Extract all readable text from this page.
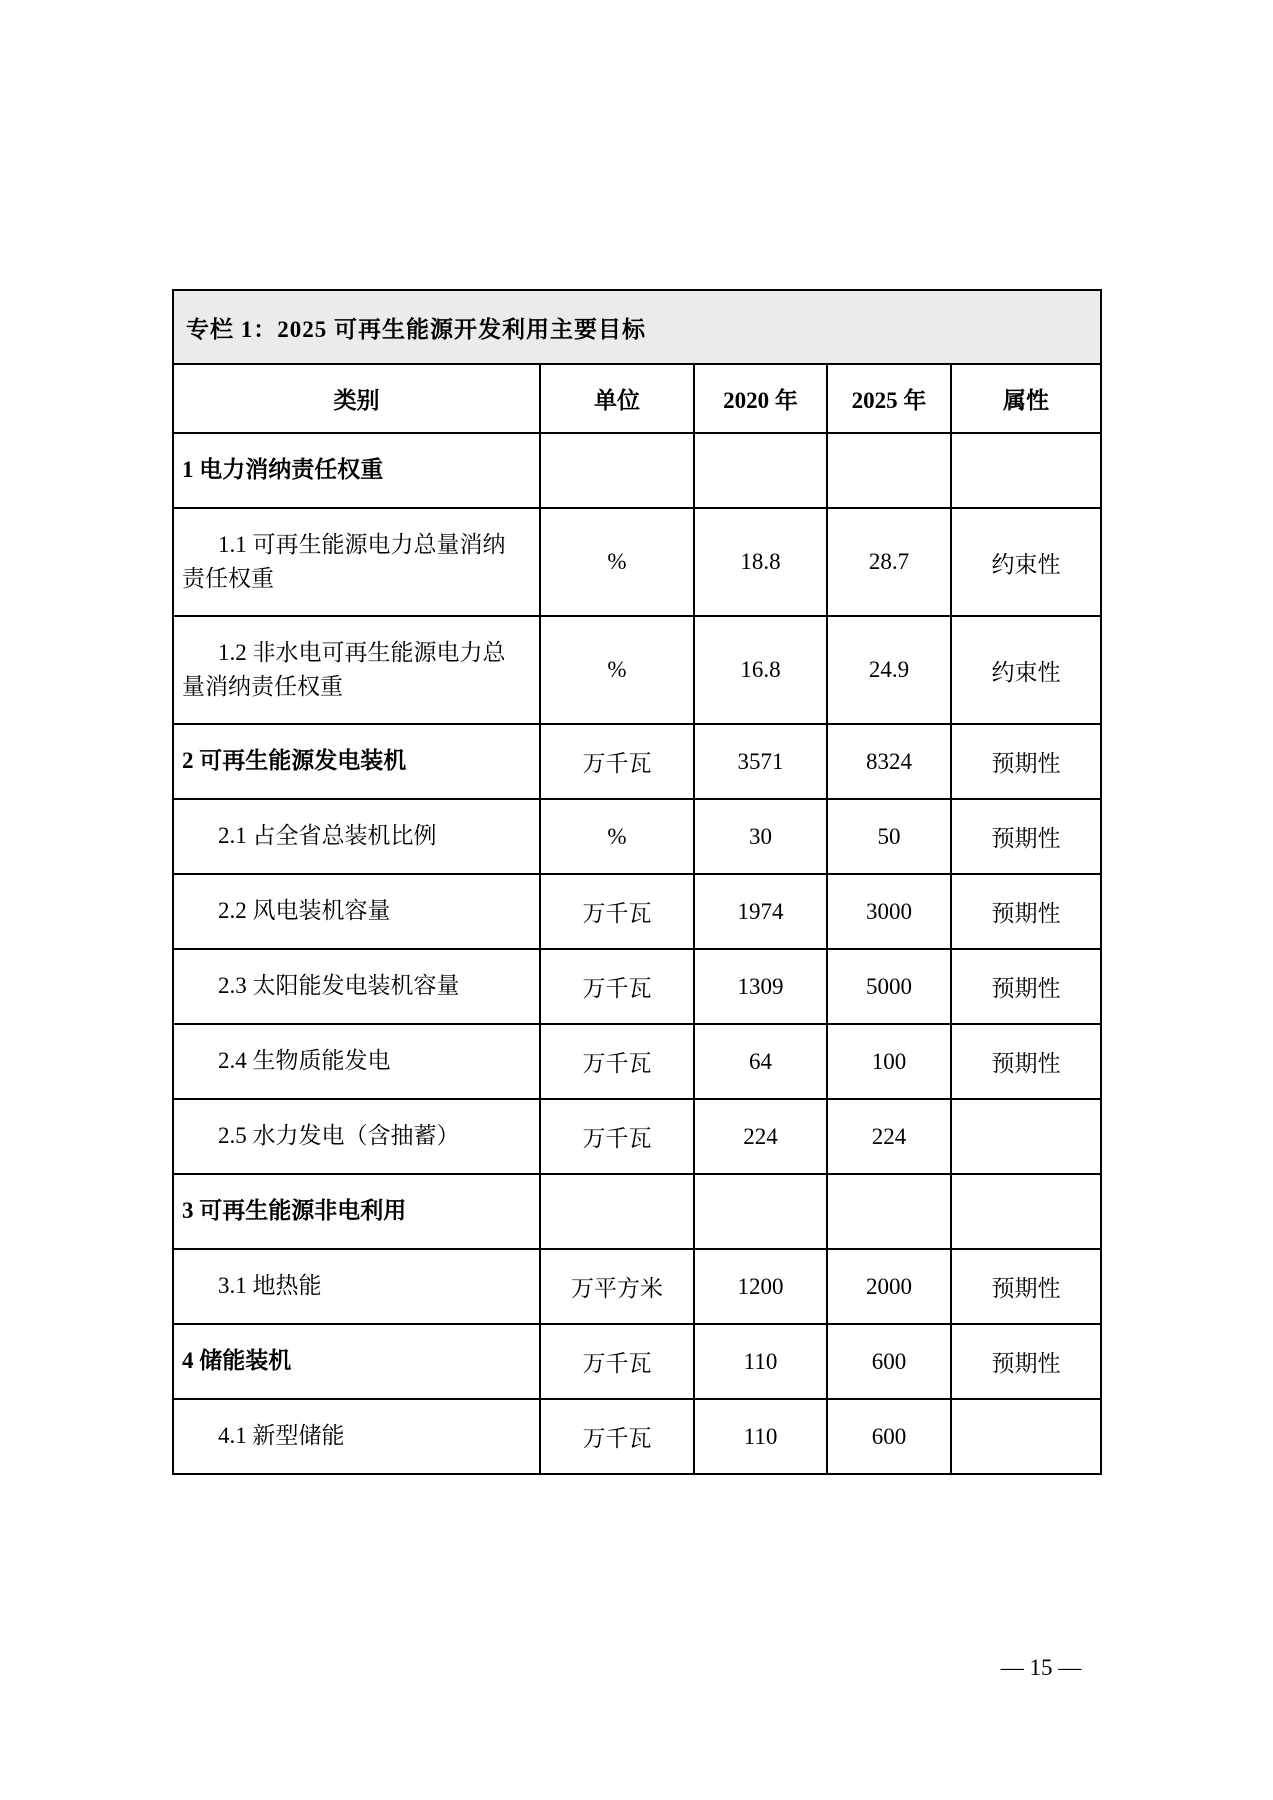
专栏 1：2025 可再生能源开发利用主要目标				
类别	单位	2020 年	2025 年	属性

1 电力消纳责任权重				

1.1 可再生能源电力总量消纳责任权重	%	18.8	28.7	约束性

1.2 非水电可再生能源电力总量消纳责任权重	%	16.8	24.9	约束性

2 可再生能源发电装机	万千瓦	3571	8324	预期性

2.1 占全省总装机比例	%	30	50	预期性

2.2 风电装机容量	万千瓦	1974	3000	预期性

2.3 太阳能发电装机容量	万千瓦	1309	5000	预期性

2.4 生物质能发电	万千瓦	64	100	预期性

2.5 水力发电（含抽蓄）	万千瓦	224	224	

3 可再生能源非电利用				

3.1 地热能	万平方米	1200	2000	预期性

4 储能装机	万千瓦	110	600	预期性

4.1 新型储能	万千瓦	110	600	
— 15 —
